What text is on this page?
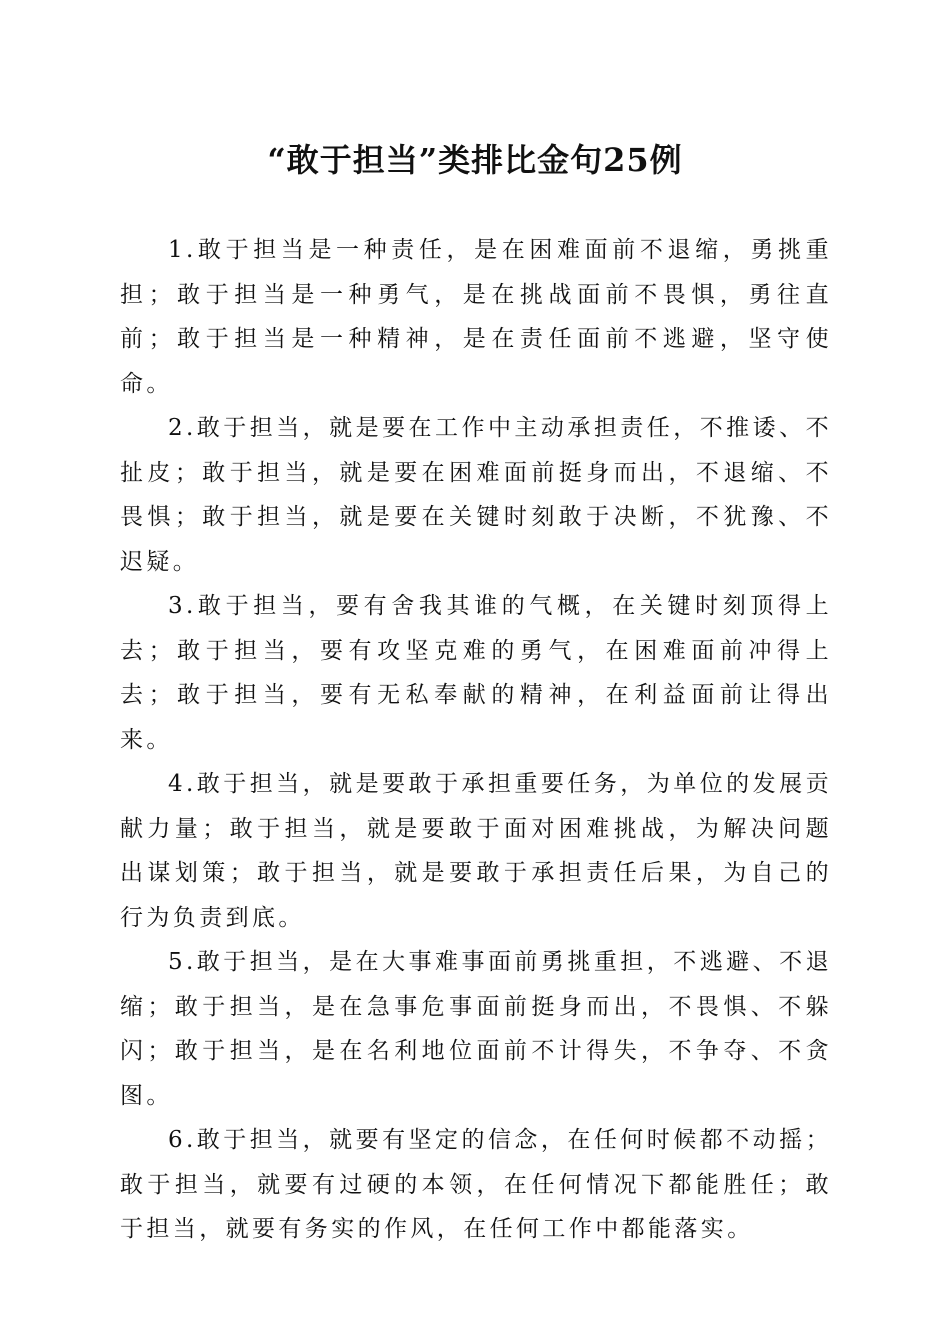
“敢于担当”类排比金句25例

1.敢于担当是一种责任，是在困难面前不退缩，勇挑重担；敢于担当是一种勇气，是在挑战面前不畏惧，勇往直前；敢于担当是一种精神，是在责任面前不逃避，坚守使命。

2.敢于担当，就是要在工作中主动承担责任，不推诿、不扯皮；敢于担当，就是要在困难面前挺身而出，不退缩、不畏惧；敢于担当，就是要在关键时刻敢于决断，不犹豫、不迟疑。

3.敢于担当，要有舍我其谁的气概，在关键时刻顶得上去；敢于担当，要有攻坚克难的勇气，在困难面前冲得上去；敢于担当，要有无私奉献的精神，在利益面前让得出来。

4.敢于担当，就是要敢于承担重要任务，为单位的发展贡献力量；敢于担当，就是要敢于面对困难挑战，为解决问题出谋划策；敢于担当，就是要敢于承担责任后果，为自己的行为负责到底。

5.敢于担当，是在大事难事面前勇挑重担，不逃避、不退缩；敢于担当，是在急事危事面前挺身而出，不畏惧、不躲闪；敢于担当，是在名利地位面前不计得失，不争夺、不贪图。

6.敢于担当，就要有坚定的信念，在任何时候都不动摇；敢于担当，就要有过硬的本领，在任何情况下都能胜任；敢于担当，就要有务实的作风，在任何工作中都能落实。
